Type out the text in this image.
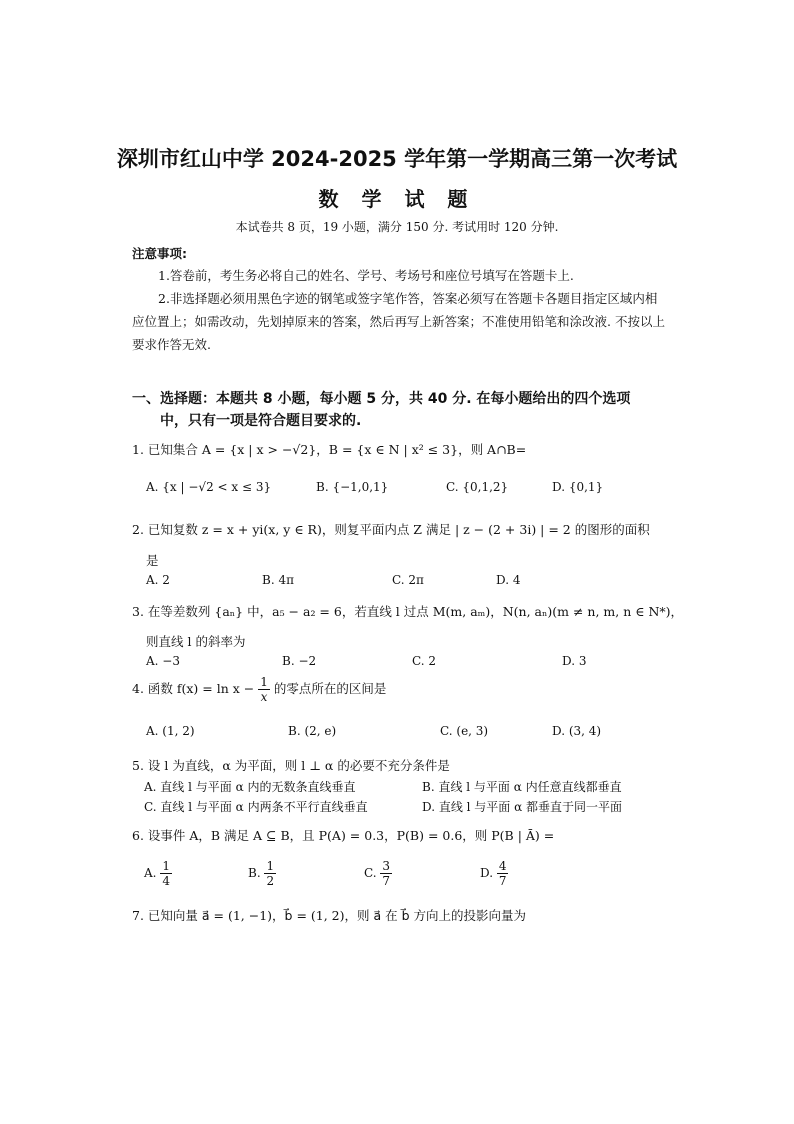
深圳市红山中学 2024-2025 学年第一学期高三第一次考试
数 学 试 题
本试卷共 8 页，19 小题，满分 150 分. 考试用时 120 分钟.
注意事项:
1.答卷前，考生务必将自己的姓名、学号、考场号和座位号填写在答题卡上.
2.非选择题必须用黑色字迹的钢笔或签字笔作答，答案必须写在答题卡各题目指定区域内相应位置上；如需改动，先划掉原来的答案，然后再写上新答案；不准使用铅笔和涂改液. 不按以上要求作答无效.
一、选择题：本题共 8 小题，每小题 5 分，共 40 分. 在每小题给出的四个选项
中，只有一项是符合题目要求的.
1. 已知集合 A = {x | x > −√2}，B = {x ∈ N | x² ≤ 3}，则 A∩B=
A. {x | −√2 < x ≤ 3}	B. {−1,0,1}	C. {0,1,2}	D. {0,1}
2. 已知复数 z = x + yi(x, y ∈ R)，则复平面内点 Z 满足 | z − (2 + 3i) | = 2 的图形的面积
是
A. 2	B. 4π	C. 2π	D. 4
3. 在等差数列 {aₙ} 中，a₅ − a₂ = 6，若直线 l 过点 M(m, aₘ)，N(n, aₙ)(m ≠ n, m, n ∈ N*)，
则直线 l 的斜率为
A. −3	B. −2	C. 2	D. 3
4. 函数 $f(x) = \ln x - \frac{1}{x}$ 的零点所在的区间是
A. (1, 2)	B. (2, e)	C. (e, 3)	D. (3, 4)
5. 设 l 为直线，α 为平面，则 l ⊥ α 的必要不充分条件是
A. 直线 l 与平面 α 内的无数条直线垂直	B. 直线 l 与平面 α 内任意直线都垂直
C. 直线 l 与平面 α 内两条不平行直线垂直	D. 直线 l 与平面 α 都垂直于同一平面
6. 设事件 A，B 满足 A ⊆ B，且 P(A) = 0.3，P(B) = 0.6，则 P(B | Ā) =
A. $\frac{1}{4}$	B. $\frac{1}{2}$	C. $\frac{3}{7}$	D. $\frac{4}{7}$
7. 已知向量 a⃗ = (1, −1)，b⃗ = (1, 2)，则 a⃗ 在 b⃗ 方向上的投影向量为
